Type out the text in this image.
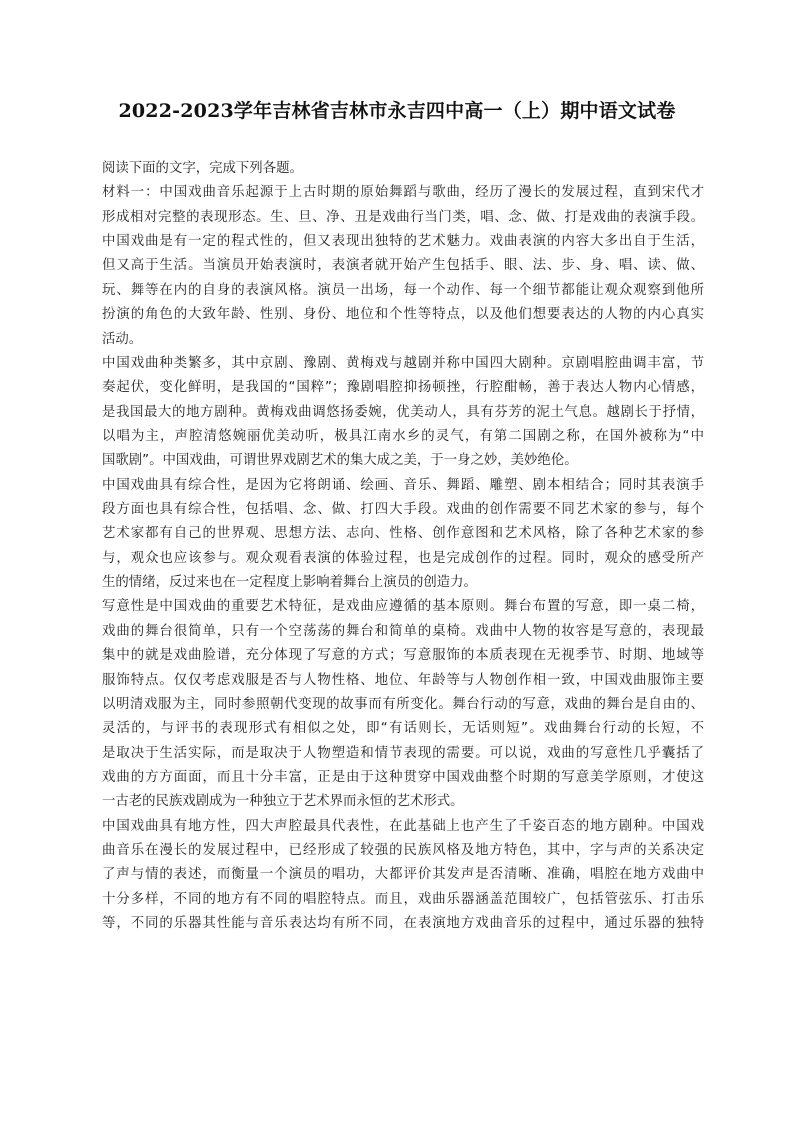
2022-2023学年吉林省吉林市永吉四中高一（上）期中语文试卷
阅读下面的文字，完成下列各题。
材料一：中国戏曲音乐起源于上古时期的原始舞蹈与歌曲，经历了漫长的发展过程，直到宋代才
形成相对完整的表现形态。生、旦、净、丑是戏曲行当门类，唱、念、做、打是戏曲的表演手段。
中国戏曲是有一定的程式性的，但又表现出独特的艺术魅力。戏曲表演的内容大多出自于生活，
但又高于生活。当演员开始表演时，表演者就开始产生包括手、眼、法、步、身、唱、读、做、
玩、舞等在内的自身的表演风格。演员一出场，每一个动作、每一个细节都能让观众观察到他所
扮演的角色的大致年龄、性别、身份、地位和个性等特点，以及他们想要表达的人物的内心真实
活动。
中国戏曲种类繁多，其中京剧、豫剧、黄梅戏与越剧并称中国四大剧种。京剧唱腔曲调丰富，节
奏起伏，变化鲜明，是我国的“国粹”；豫剧唱腔抑扬顿挫，行腔酣畅，善于表达人物内心情感，
是我国最大的地方剧种。黄梅戏曲调悠扬委婉，优美动人，具有芬芳的泥土气息。越剧长于抒情，
以唱为主，声腔清悠婉丽优美动听，极具江南水乡的灵气，有第二国剧之称，在国外被称为“中
国歌剧”。中国戏曲，可谓世界戏剧艺术的集大成之美，于一身之妙，美妙绝伦。
中国戏曲具有综合性，是因为它将朗诵、绘画、音乐、舞蹈、雕塑、剧本相结合；同时其表演手
段方面也具有综合性，包括唱、念、做、打四大手段。戏曲的创作需要不同艺术家的参与，每个
艺术家都有自己的世界观、思想方法、志向、性格、创作意图和艺术风格，除了各种艺术家的参
与，观众也应该参与。观众观看表演的体验过程，也是完成创作的过程。同时，观众的感受所产
生的情绪，反过来也在一定程度上影响着舞台上演员的创造力。
写意性是中国戏曲的重要艺术特征，是戏曲应遵循的基本原则。舞台布置的写意，即一桌二椅，
戏曲的舞台很简单，只有一个空荡荡的舞台和简单的桌椅。戏曲中人物的妆容是写意的，表现最
集中的就是戏曲脸谱，充分体现了写意的方式；写意服饰的本质表现在无视季节、时期、地域等
服饰特点。仅仅考虑戏服是否与人物性格、地位、年龄等与人物创作相一致，中国戏曲服饰主要
以明清戏服为主，同时参照朝代变现的故事而有所变化。舞台行动的写意，戏曲的舞台是自由的、
灵活的，与评书的表现形式有相似之处，即“有话则长，无话则短”。戏曲舞台行动的长短，不
是取决于生活实际，而是取决于人物塑造和情节表现的需要。可以说，戏曲的写意性几乎囊括了
戏曲的方方面面，而且十分丰富，正是由于这种贯穿中国戏曲整个时期的写意美学原则，才使这
一古老的民族戏剧成为一种独立于艺术界而永恒的艺术形式。
中国戏曲具有地方性，四大声腔最具代表性，在此基础上也产生了千姿百态的地方剧种。中国戏
曲音乐在漫长的发展过程中，已经形成了较强的民族风格及地方特色，其中，字与声的关系决定
了声与情的表述，而衡量一个演员的唱功，大都评价其发声是否清晰、准确，唱腔在地方戏曲中
十分多样，不同的地方有不同的唱腔特点。而且，戏曲乐器涵盖范围较广，包括管弦乐、打击乐
等，不同的乐器其性能与音乐表达均有所不同，在表演地方戏曲音乐的过程中，通过乐器的独特
